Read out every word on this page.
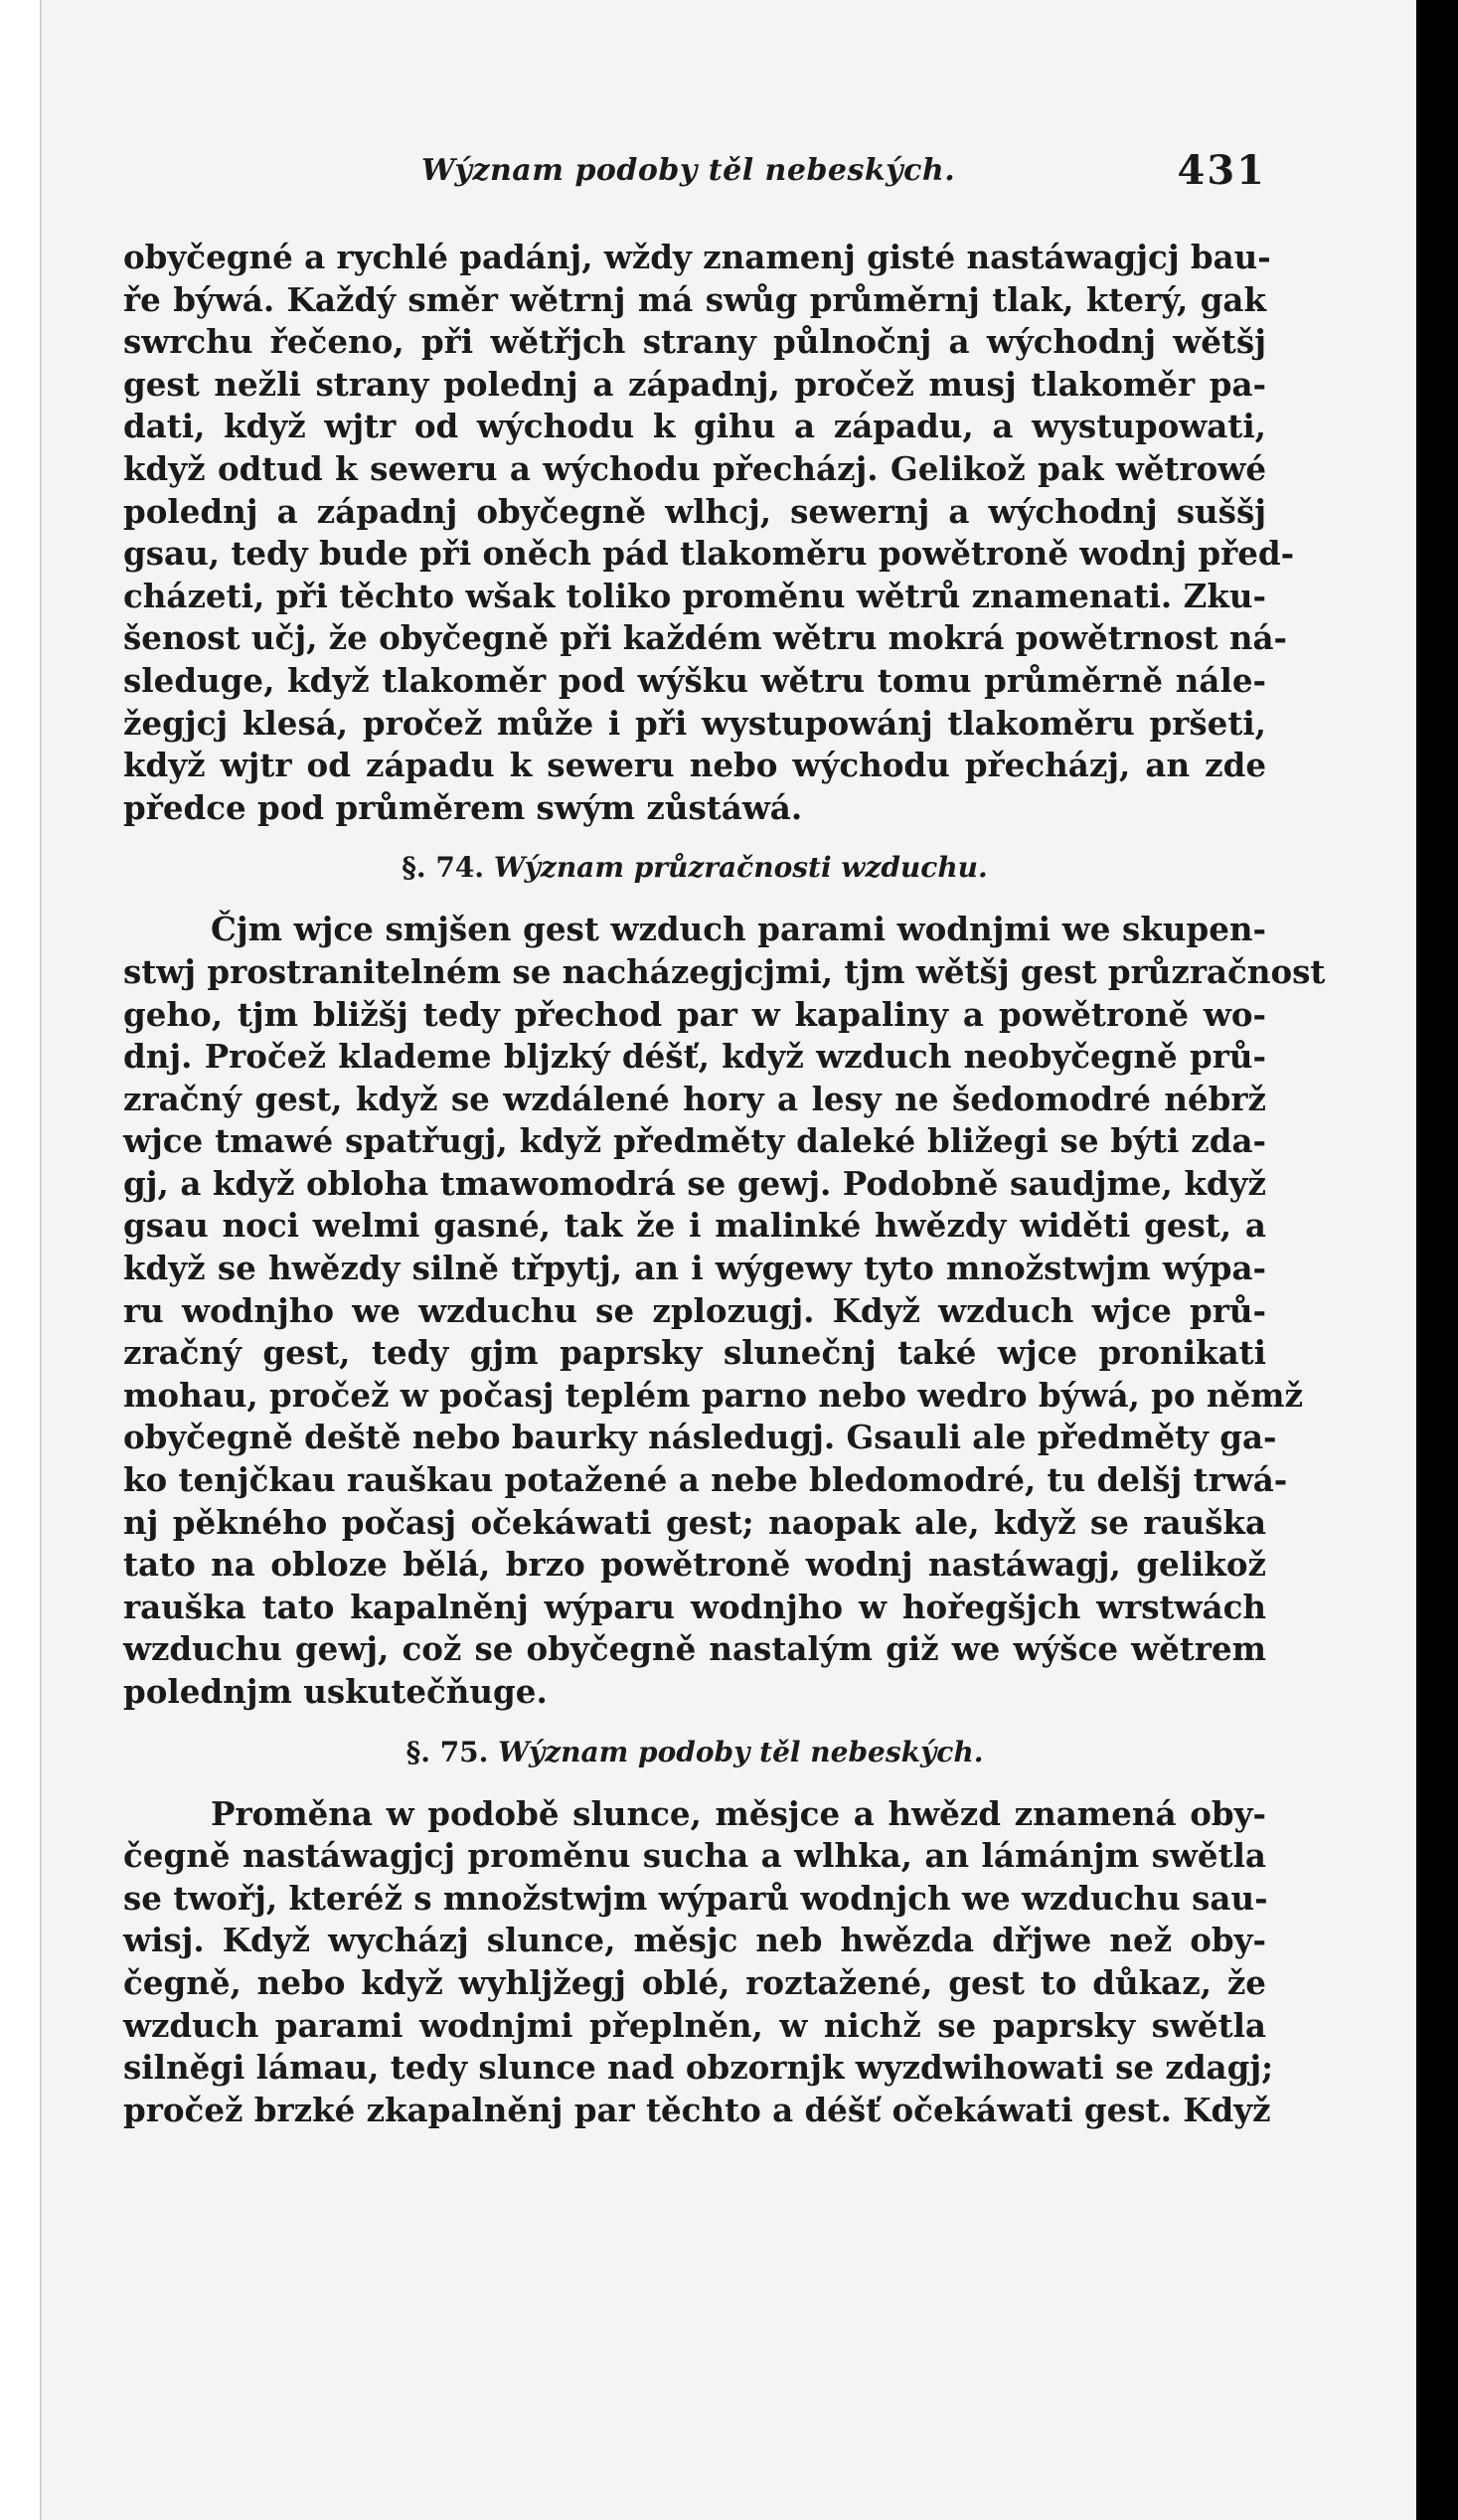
Wýznam podoby těl nebeských.	431
obyčegné a rychlé padánj, wždy znamenj gisté nastáwagjcj bau-
ře býwá. Každý směr wětrnj má swůg průměrnj tlak, který, gak
swrchu řečeno, při wětřjch strany půlnočnj a wýchodnj wětšj
gest nežli strany polednj a západnj, pročež musj tlakoměr pa-
dati, když wjtr od wýchodu k gihu a západu, a wystupowati,
když odtud k seweru a wýchodu přecházj. Gelikož pak wětrowé
polednj a západnj obyčegně wlhcj, sewernj a wýchodnj suššj
gsau, tedy bude při oněch pád tlakoměru powětroně wodnj před-
cházeti, při těchto wšak toliko proměnu wětrů znamenati. Zku-
šenost učj, že obyčegně při každém wětru mokrá powětrnost ná-
sleduge, když tlakoměr pod wýšku wětru tomu průměrně nále-
žegjcj klesá, pročež může i při wystupowánj tlakoměru pršeti,
když wjtr od západu k seweru nebo wýchodu přecházj, an zde
předce pod průměrem swým zůstáwá.
§. 74. Wýznam průzračnosti wzduchu.
Čjm wjce smjšen gest wzduch parami wodnjmi we skupen-
stwj prostranitelném se nacházegjcjmi, tjm wětšj gest průzračnost
geho, tjm bližšj tedy přechod par w kapaliny a powětroně wo-
dnj. Pročež klademe bljzký déšť, když wzduch neobyčegně prů-
zračný gest, když se wzdálené hory a lesy ne šedomodré nébrž
wjce tmawé spatřugj, když předměty daleké bližegi se býti zda-
gj, a když obloha tmawomodrá se gewj. Podobně saudjme, když
gsau noci welmi gasné, tak že i malinké hwězdy widěti gest, a
když se hwězdy silně třpytj, an i wýgewy tyto množstwjm wýpa-
ru wodnjho we wzduchu se zplozugj. Když wzduch wjce prů-
zračný gest, tedy gjm paprsky slunečnj také wjce pronikati
mohau, pročež w počasj teplém parno nebo wedro býwá, po němž
obyčegně deště nebo baurky následugj. Gsauli ale předměty ga-
ko tenjčkau rauškau potažené a nebe bledomodré, tu delšj trwá-
nj pěkného počasj očekáwati gest; naopak ale, když se rauška
tato na obloze bělá, brzo powětroně wodnj nastáwagj, gelikož
rauška tato kapalněnj wýparu wodnjho w hořegšjch wrstwách
wzduchu gewj, což se obyčegně nastalým giž we wýšce wětrem
polednjm uskutečňuge.
§. 75. Wýznam podoby těl nebeských.
Proměna w podobě slunce, měsjce a hwězd znamená oby-
čegně nastáwagjcj proměnu sucha a wlhka, an lámánjm swětla
se twořj, kteréž s množstwjm wýparů wodnjch we wzduchu sau-
wisj. Když wycházj slunce, měsjc neb hwězda dřjwe než oby-
čegně, nebo když wyhljžegj oblé, roztažené, gest to důkaz, že
wzduch parami wodnjmi přeplněn, w nichž se paprsky swětla
silněgi lámau, tedy slunce nad obzornjk wyzdwihowati se zdagj;
pročež brzké zkapalněnj par těchto a déšť očekáwati gest. Když
